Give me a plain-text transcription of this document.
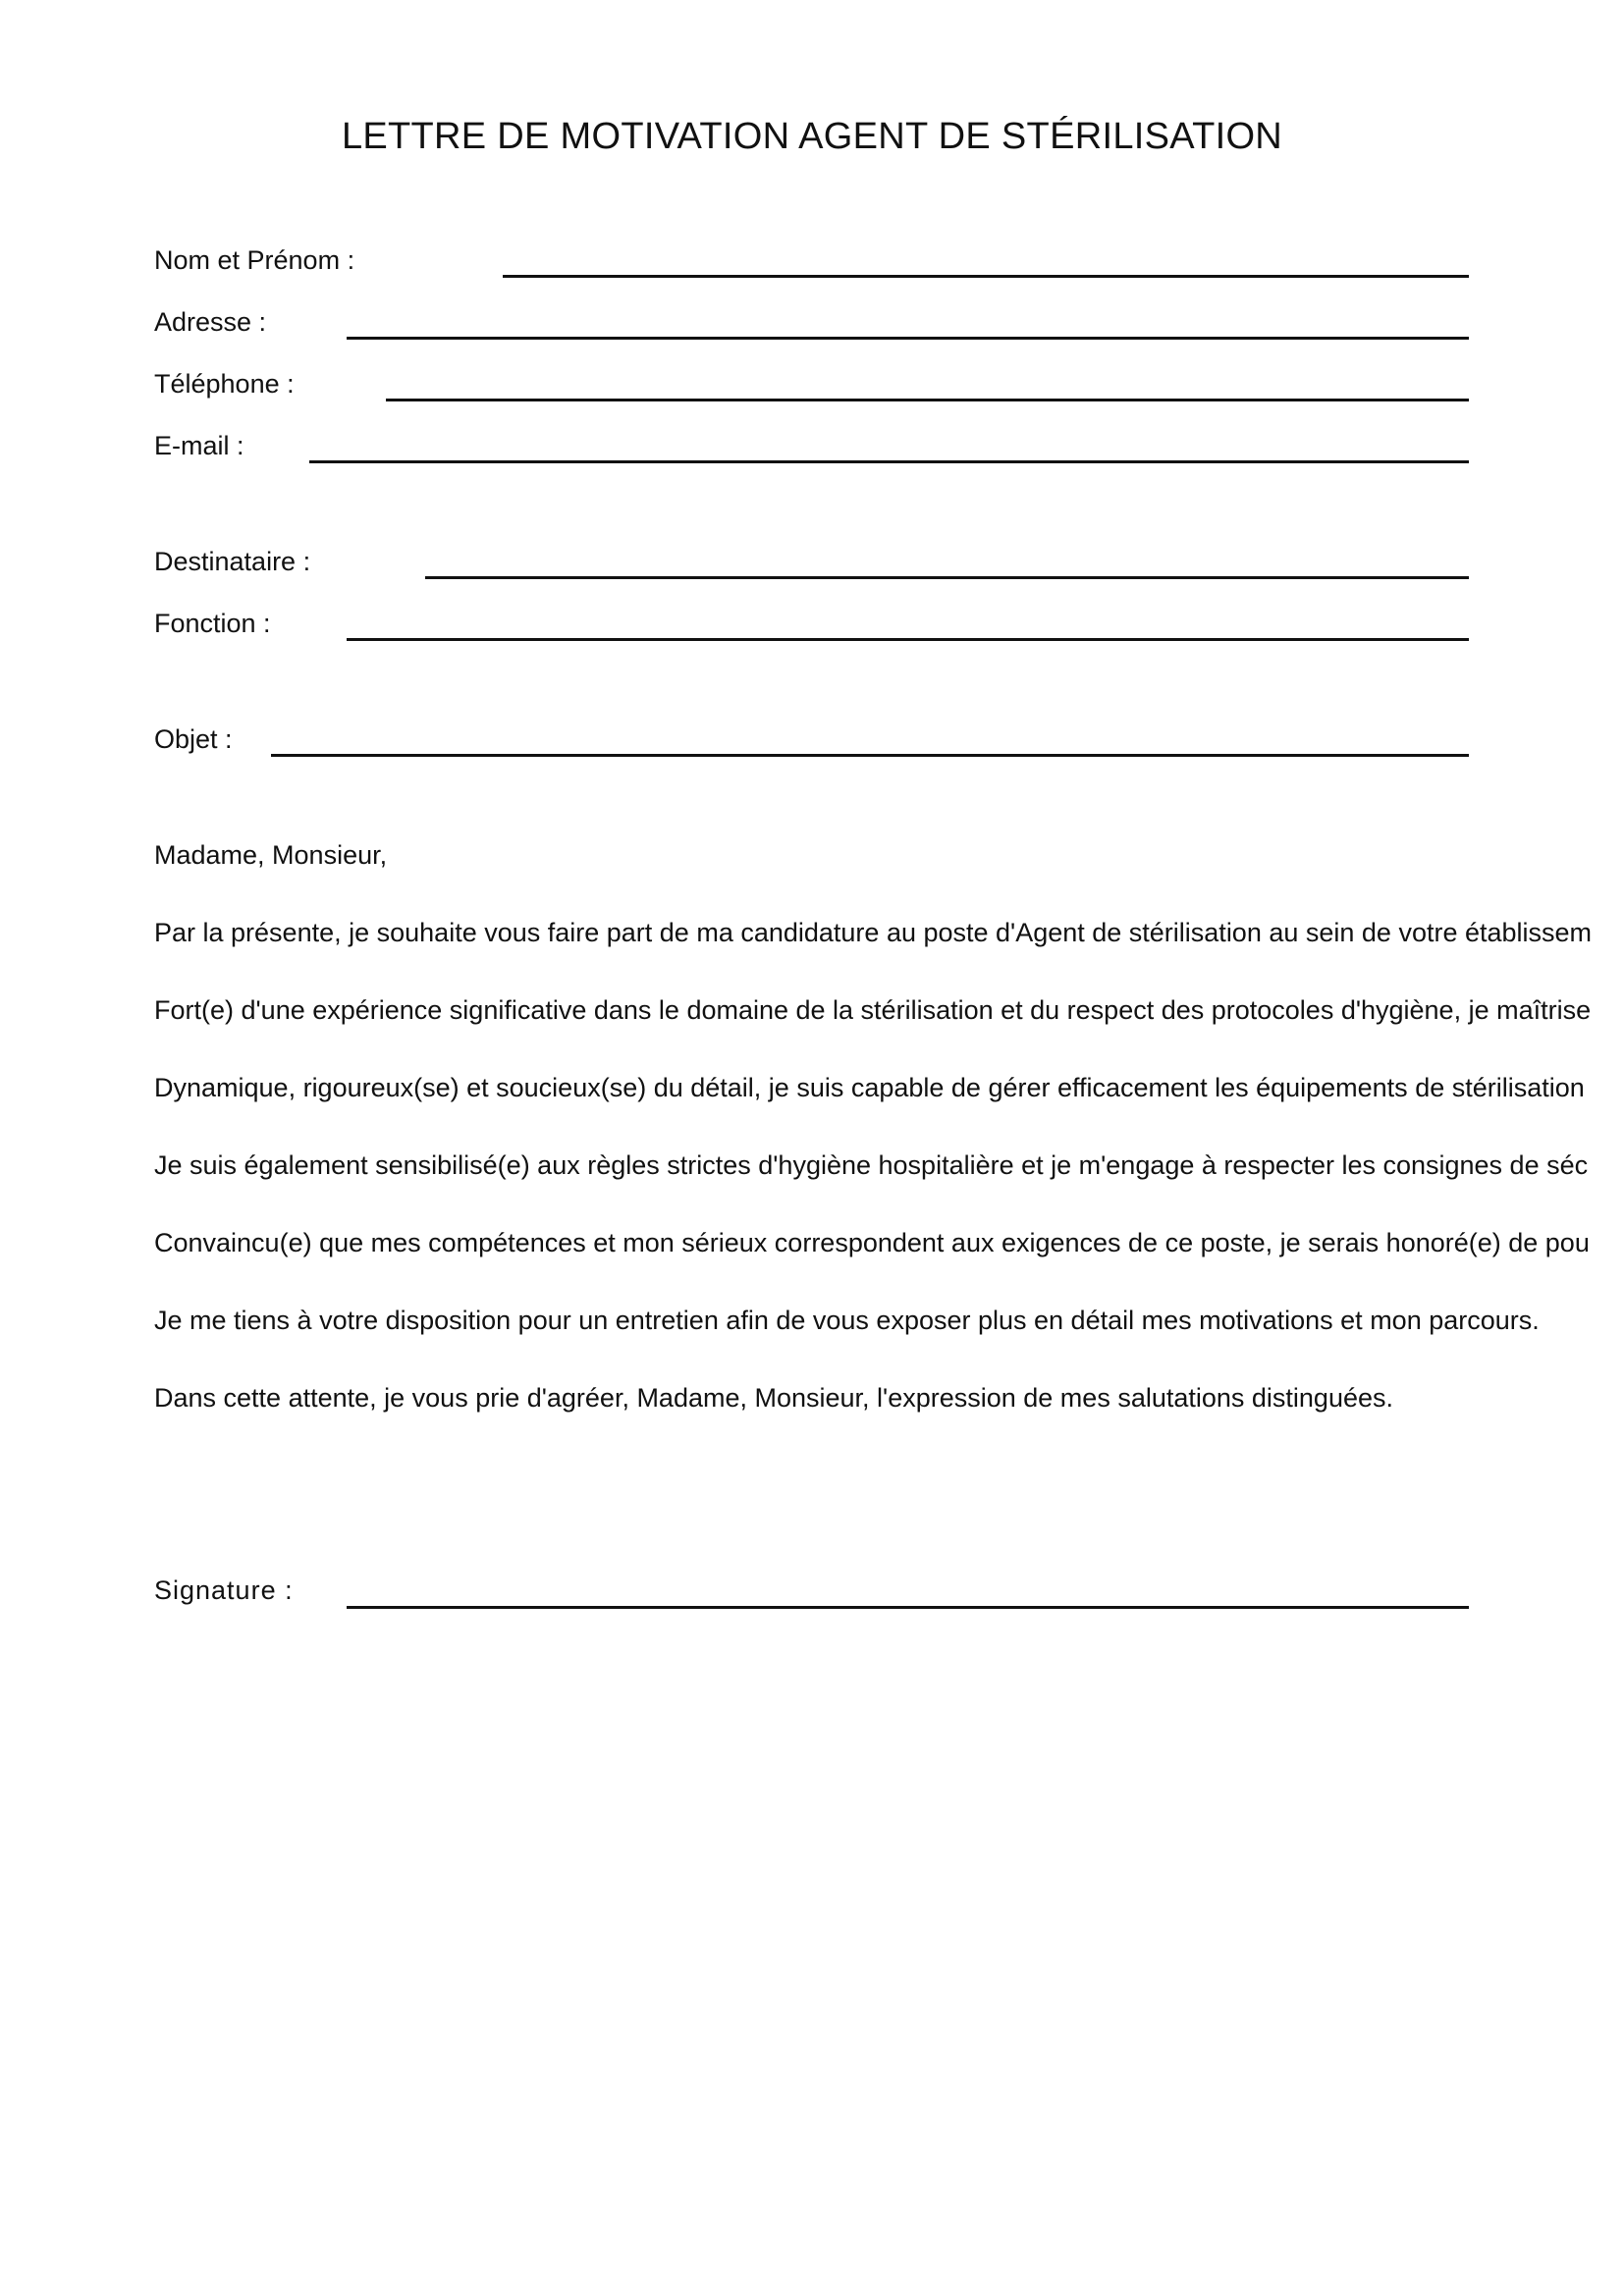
LETTRE DE MOTIVATION AGENT DE STÉRILISATION
Nom et Prénom :
Adresse :
Téléphone :
E-mail :
Destinataire :
Fonction :
Objet :

Madame, Monsieur,

Par la présente, je souhaite vous faire part de ma candidature au poste d'Agent de stérilisation au sein de votre établissem

Fort(e) d'une expérience significative dans le domaine de la stérilisation et du respect des protocoles d'hygiène, je maîtrise

Dynamique, rigoureux(se) et soucieux(se) du détail, je suis capable de gérer efficacement les équipements de stérilisation

Je suis également sensibilisé(e) aux règles strictes d'hygiène hospitalière et je m'engage à respecter les consignes de séc

Convaincu(e) que mes compétences et mon sérieux correspondent aux exigences de ce poste, je serais honoré(e) de pou

Je me tiens à votre disposition pour un entretien afin de vous exposer plus en détail mes motivations et mon parcours.

Dans cette attente, je vous prie d'agréer, Madame, Monsieur, l'expression de mes salutations distinguées.

Signature :
